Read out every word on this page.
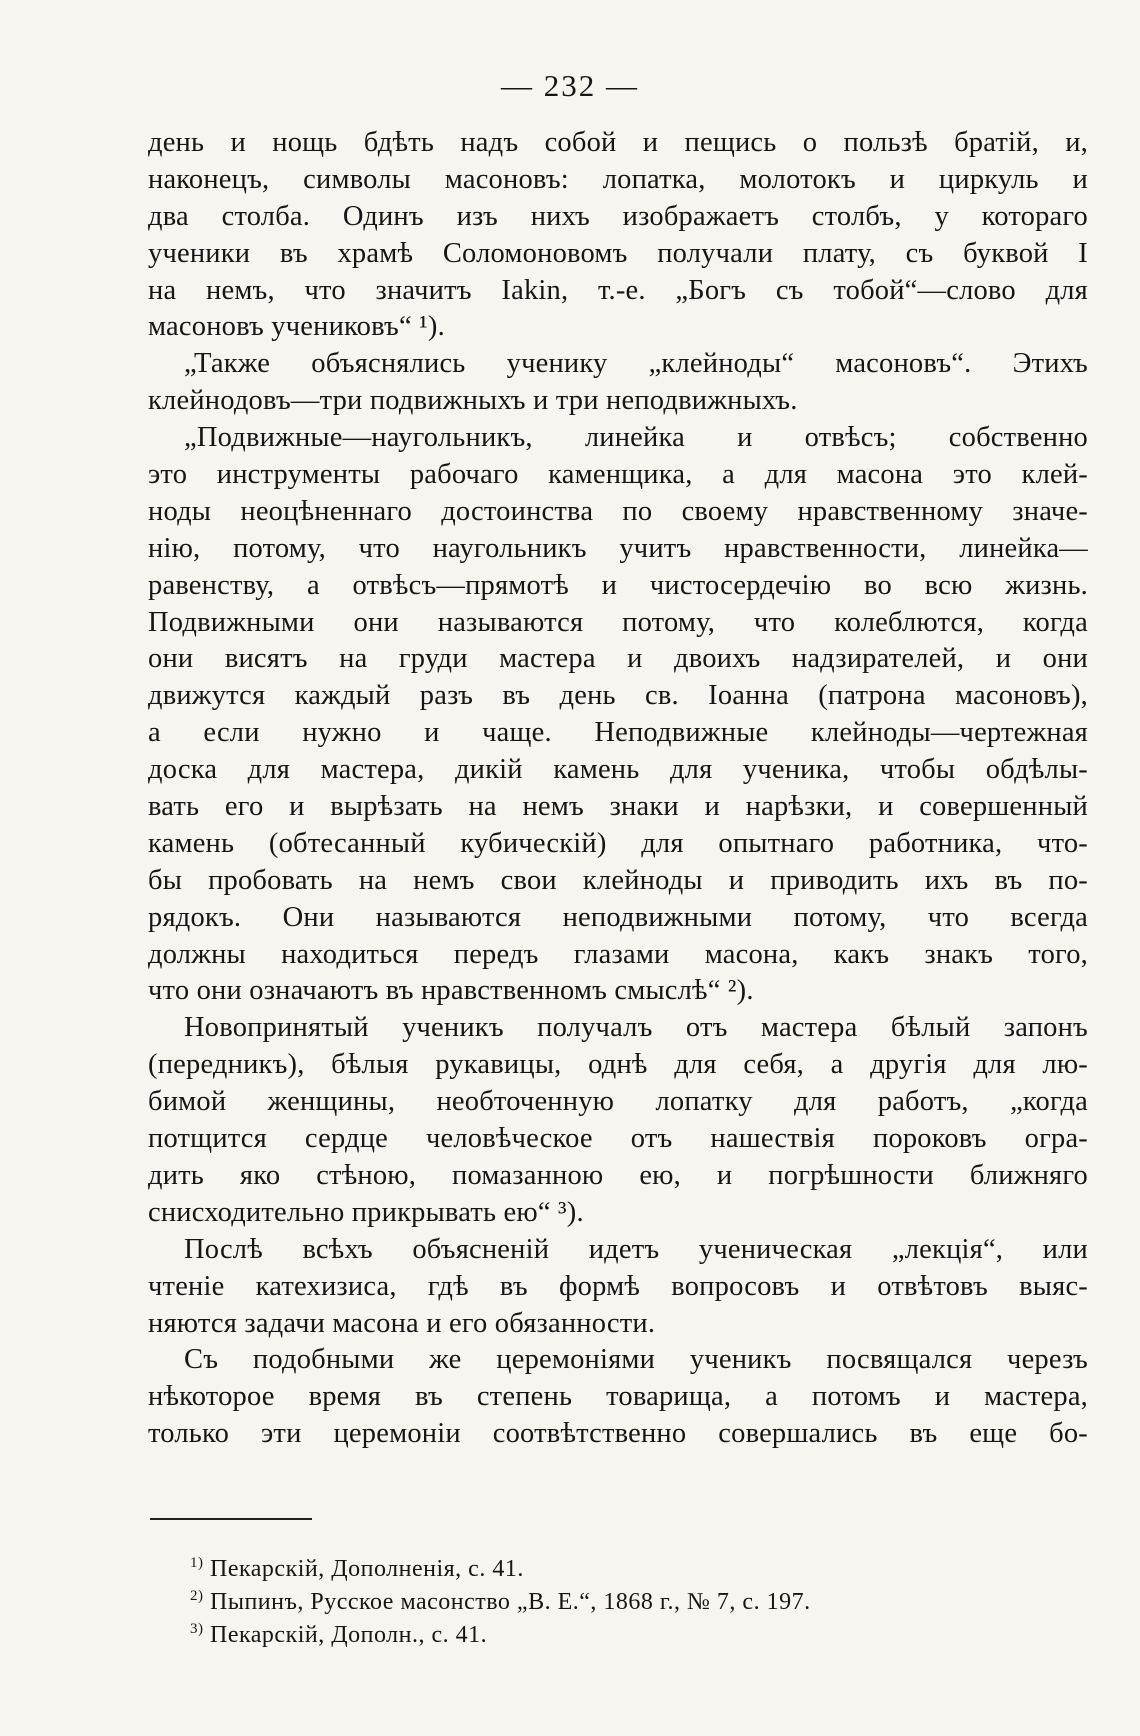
— 232 —
день и нощь бдѣть надъ собой и пещись о пользѣ братій, и,
наконецъ, символы масоновъ: лопатка, молотокъ и циркуль и
два столба. Одинъ изъ нихъ изображаетъ столбъ, у котораго
ученики въ храмѣ Соломоновомъ получали плату, съ буквой I
на немъ, что значитъ Iakin, т.-е. „Богъ съ тобой“—слово для
масоновъ учениковъ“ ¹).
„Также объяснялись ученику „клейноды“ масоновъ“. Этихъ
клейнодовъ—три подвижныхъ и три неподвижныхъ.
„Подвижные—наугольникъ, линейка и отвѣсъ; собственно
это инструменты рабочаго каменщика, а для масона это клей-
ноды неоцѣненнаго достоинства по своему нравственному значе-
нію, потому, что наугольникъ учитъ нравственности, линейка—
равенству, а отвѣсъ—прямотѣ и чистосердечію во всю жизнь.
Подвижными они называются потому, что колеблются, когда
они висятъ на груди мастера и двоихъ надзирателей, и они
движутся каждый разъ въ день св. Іоанна (патрона масоновъ),
а если нужно и чаще. Неподвижные клейноды—чертежная
доска для мастера, дикій камень для ученика, чтобы обдѣлы-
вать его и вырѣзать на немъ знаки и нарѣзки, и совершенный
камень (обтесанный кубическій) для опытнаго работника, что-
бы пробовать на немъ свои клейноды и приводить ихъ въ по-
рядокъ. Они называются неподвижными потому, что всегда
должны находиться передъ глазами масона, какъ знакъ того,
что они означаютъ въ нравственномъ смыслѣ“ ²).
Новопринятый ученикъ получалъ отъ мастера бѣлый запонъ
(передникъ), бѣлыя рукавицы, однѣ для себя, а другія для лю-
бимой женщины, необточенную лопатку для работъ, „когда
потщится сердце человѣческое отъ нашествія пороковъ огра-
дить яко стѣною, помазанною ею, и погрѣшности ближняго
снисходительно прикрывать ею“ ³).
Послѣ всѣхъ объясненій идетъ ученическая „лекція“, или
чтеніе катехизиса, гдѣ въ формѣ вопросовъ и отвѣтовъ выяс-
няются задачи масона и его обязанности.
Съ подобными же церемоніями ученикъ посвящался черезъ
нѣкоторое время въ степень товарища, а потомъ и мастера,
только эти церемоніи соотвѣтственно совершались въ еще бо-
$^{1)}$ Пекарскій, Дополненія, с. 41.
$^{2)}$ Пыпинъ, Русское масонство „В. Е.“, 1868 г., № 7, с. 197.
$^{3)}$ Пекарскій, Дополн., с. 41.
